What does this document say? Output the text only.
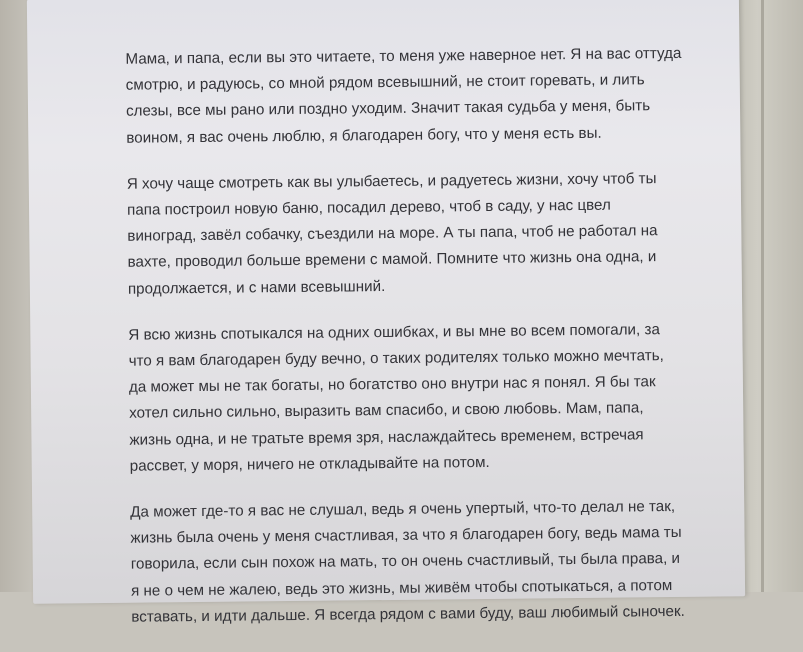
Мама, и папа, если вы это читаете, то меня уже наверное нет. Я на вас оттуда
смотрю, и радуюсь, со мной рядом всевышний, не стоит горевать, и лить
слезы, все мы рано или поздно уходим. Значит такая судьба у меня, быть
воином, я вас очень люблю, я благодарен богу, что у меня есть вы.

Я хочу чаще смотреть как вы улыбаетесь, и радуетесь жизни, хочу чтоб ты
папа построил новую баню, посадил дерево, чтоб в саду, у нас цвел
виноград, завёл собачку, съездили на море. А ты папа, чтоб не работал на
вахте, проводил больше времени с мамой. Помните что жизнь она одна, и
продолжается, и с нами всевышний.

Я всю жизнь спотыкался на одних ошибках, и вы мне во всем помогали, за
что я вам благодарен буду вечно, о таких родителях только можно мечтать,
да может мы не так богаты, но богатство оно внутри нас я понял. Я бы так
хотел сильно сильно, выразить вам спасибо, и свою любовь. Мам, папа,
жизнь одна, и не тратьте время зря, наслаждайтесь временем, встречая
рассвет, у моря, ничего не откладывайте на потом.

Да может где-то я вас не слушал, ведь я очень упертый, что-то делал не так,
жизнь была очень у меня счастливая, за что я благодарен богу, ведь мама ты
говорила, если сын похож на мать, то он очень счастливый, ты была права, и
я не о чем не жалею, ведь это жизнь, мы живём чтобы спотыкаться, а потом
вставать, и идти дальше. Я всегда рядом с вами буду, ваш любимый сыночек.
